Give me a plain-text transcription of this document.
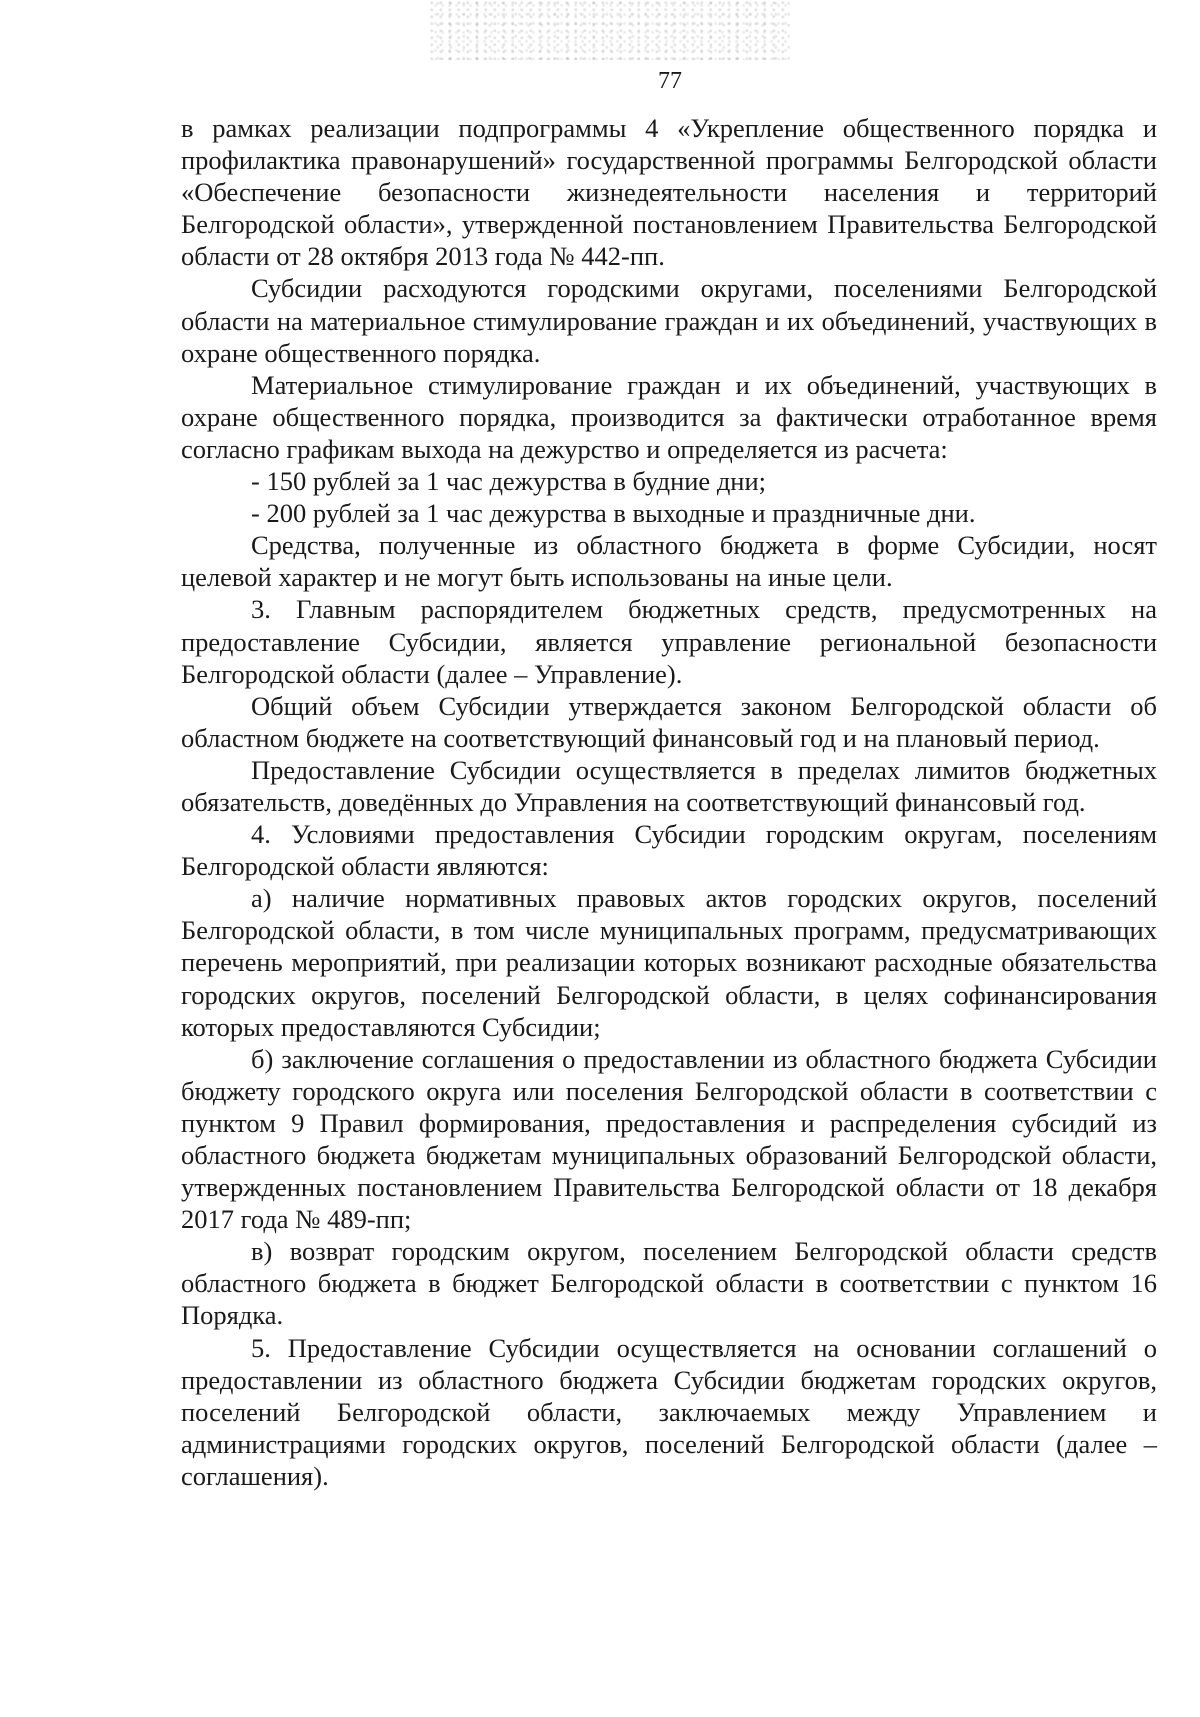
77

в рамках реализации подпрограммы 4 «Укрепление общественного порядка и профилактика правонарушений» государственной программы Белгородской области «Обеспечение безопасности жизнедеятельности населения и территорий Белгородской области», утвержденной постановлением Правительства Белгородской области от 28 октября 2013 года № 442-пп.

Субсидии расходуются городскими округами, поселениями Белгородской области на материальное стимулирование граждан и их объединений, участвующих в охране общественного порядка.

Материальное стимулирование граждан и их объединений, участвующих в охране общественного порядка, производится за фактически отработанное время согласно графикам выхода на дежурство и определяется из расчета:

- 150 рублей за 1 час дежурства в будние дни;

- 200 рублей за 1 час дежурства в выходные и праздничные дни.

Средства, полученные из областного бюджета в форме Субсидии, носят целевой характер и не могут быть использованы на иные цели.

3. Главным распорядителем бюджетных средств, предусмотренных на предоставление Субсидии, является управление региональной безопасности Белгородской области (далее – Управление).

Общий объем Субсидии утверждается законом Белгородской области об областном бюджете на соответствующий финансовый год и на плановый период.

Предоставление Субсидии осуществляется в пределах лимитов бюджетных обязательств, доведённых до Управления на соответствующий финансовый год.

4. Условиями предоставления Субсидии городским округам, поселениям Белгородской области являются:

а) наличие нормативных правовых актов городских округов, поселений Белгородской области, в том числе муниципальных программ, предусматривающих перечень мероприятий, при реализации которых возникают расходные обязательства городских округов, поселений Белгородской области, в целях софинансирования которых предоставляются Субсидии;

б) заключение соглашения о предоставлении из областного бюджета Субсидии бюджету городского округа или поселения Белгородской области в соответствии с пунктом 9 Правил формирования, предоставления и распределения субсидий из областного бюджета бюджетам муниципальных образований Белгородской области, утвержденных постановлением Правительства Белгородской области от 18 декабря 2017 года № 489-пп;

в) возврат городским округом, поселением Белгородской области средств областного бюджета в бюджет Белгородской области в соответствии с пунктом 16 Порядка.

5. Предоставление Субсидии осуществляется на основании соглашений о предоставлении из областного бюджета Субсидии бюджетам городских округов, поселений Белгородской области, заключаемых между Управлением и администрациями городских округов, поселений Белгородской области (далее – соглашения).
